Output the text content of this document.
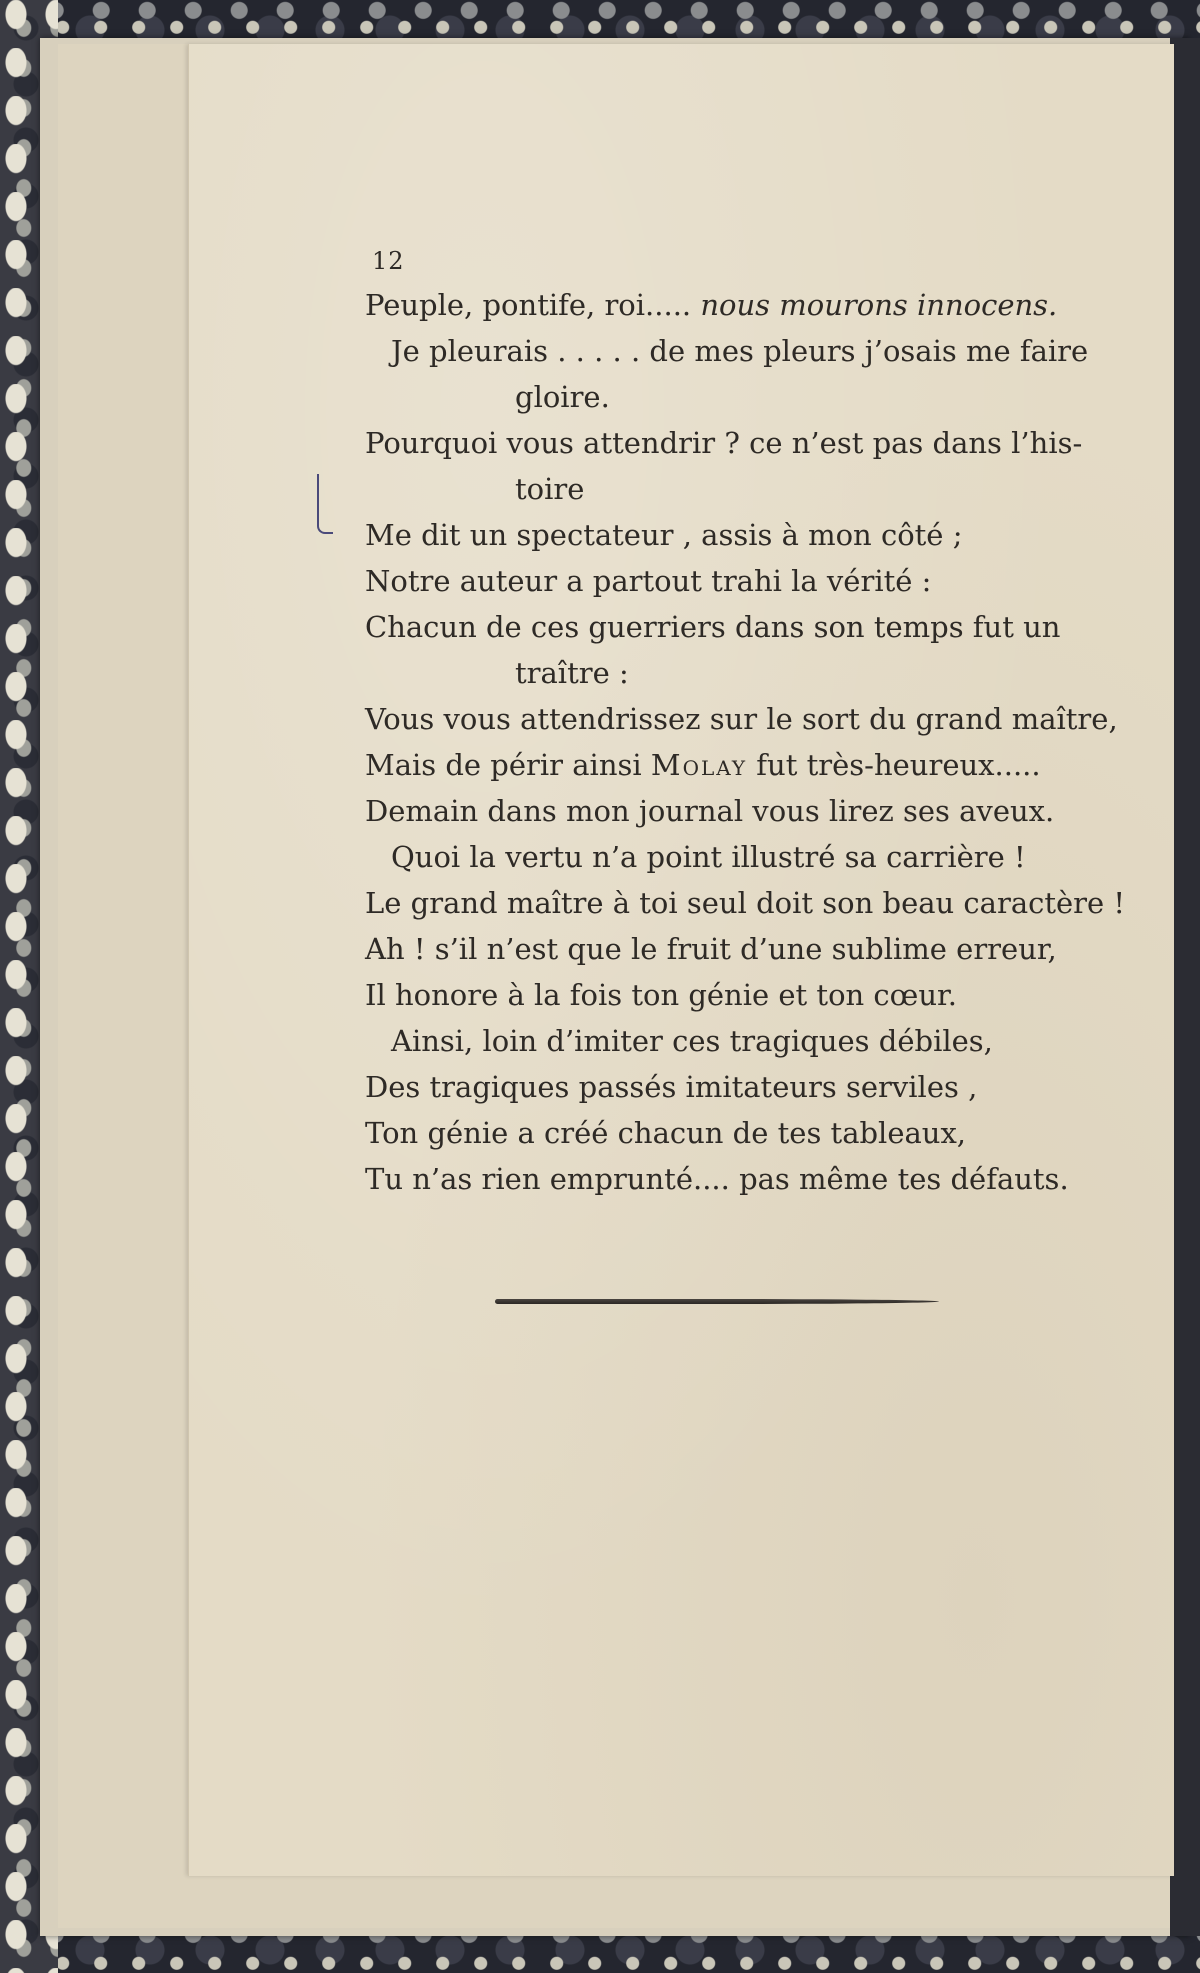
12
Peuple, pontife, roi..... nous mourons innocens.
Je pleurais . . . . . de mes pleurs j’osais me faire
gloire.
Pourquoi vous attendrir ? ce n’est pas dans l’his-
toire
Me dit un spectateur , assis à mon côté ;
Notre auteur a partout trahi la vérité :
Chacun de ces guerriers dans son temps fut un
traître :
Vous vous attendrissez sur le sort du grand maître,
Mais de périr ainsi Molay fut très-heureux.....
Demain dans mon journal vous lirez ses aveux.
Quoi la vertu n’a point illustré sa carrière !
Le grand maître à toi seul doit son beau caractère !
Ah ! s’il n’est que le fruit d’une sublime erreur,
Il honore à la fois ton génie et ton cœur.
Ainsi, loin d’imiter ces tragiques débiles,
Des tragiques passés imitateurs serviles ,
Ton génie a créé chacun de tes tableaux,
Tu n’as rien emprunté.... pas même tes défauts.
